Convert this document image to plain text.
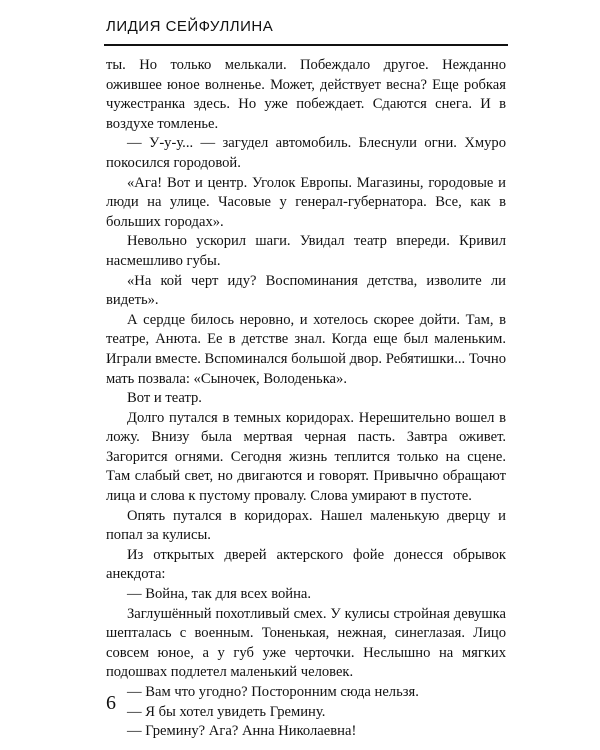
ЛИДИЯ СЕЙФУЛЛИНА

ты. Но только мелькали. Побеждало другое. Нежданно ожившее юное волненье. Может, действует весна? Еще робкая чужестранка здесь. Но уже побеждает. Сдаются снега. И в воздухе томленье.

— У-у-у... — загудел автомобиль. Блеснули огни. Хмуро покосился городовой.

«Ага! Вот и центр. Уголок Европы. Магазины, городовые и люди на улице. Часовые у генерал-губернатора. Все, как в больших городах».

Невольно ускорил шаги. Увидал театр впереди. Кривил насмешливо губы.

«На кой черт иду? Воспоминания детства, изволите ли видеть».

А сердце билось неровно, и хотелось скорее дойти. Там, в театре, Анюта. Ее в детстве знал. Когда еще был маленьким. Играли вместе. Вспоминался большой двор. Ребятишки... Точно мать позвала: «Сыночек, Володенька».

Вот и театр.

Долго путался в темных коридорах. Нерешительно вошел в ложу. Внизу была мертвая черная пасть. Завтра оживет. Загорится огнями. Сегодня жизнь теплится только на сцене. Там слабый свет, но двигаются и говорят. Привычно обращают лица и слова к пустому провалу. Слова умирают в пустоте.

Опять путался в коридорах. Нашел маленькую дверцу и попал за кулисы.

Из открытых дверей актерского фойе донесся обрывок анекдота:

— Война, так для всех война.

Заглушённый похотливый смех. У кулисы стройная девушка шепталась с военным. Тоненькая, нежная, синеглазая. Лицо совсем юное, а у губ уже черточки. Неслышно на мягких подошвах подлетел маленький человек.

— Вам что угодно? Посторонним сюда нельзя.

— Я бы хотел увидеть Гремину.

— Гремину? Ага? Анна Николаевна!

6
